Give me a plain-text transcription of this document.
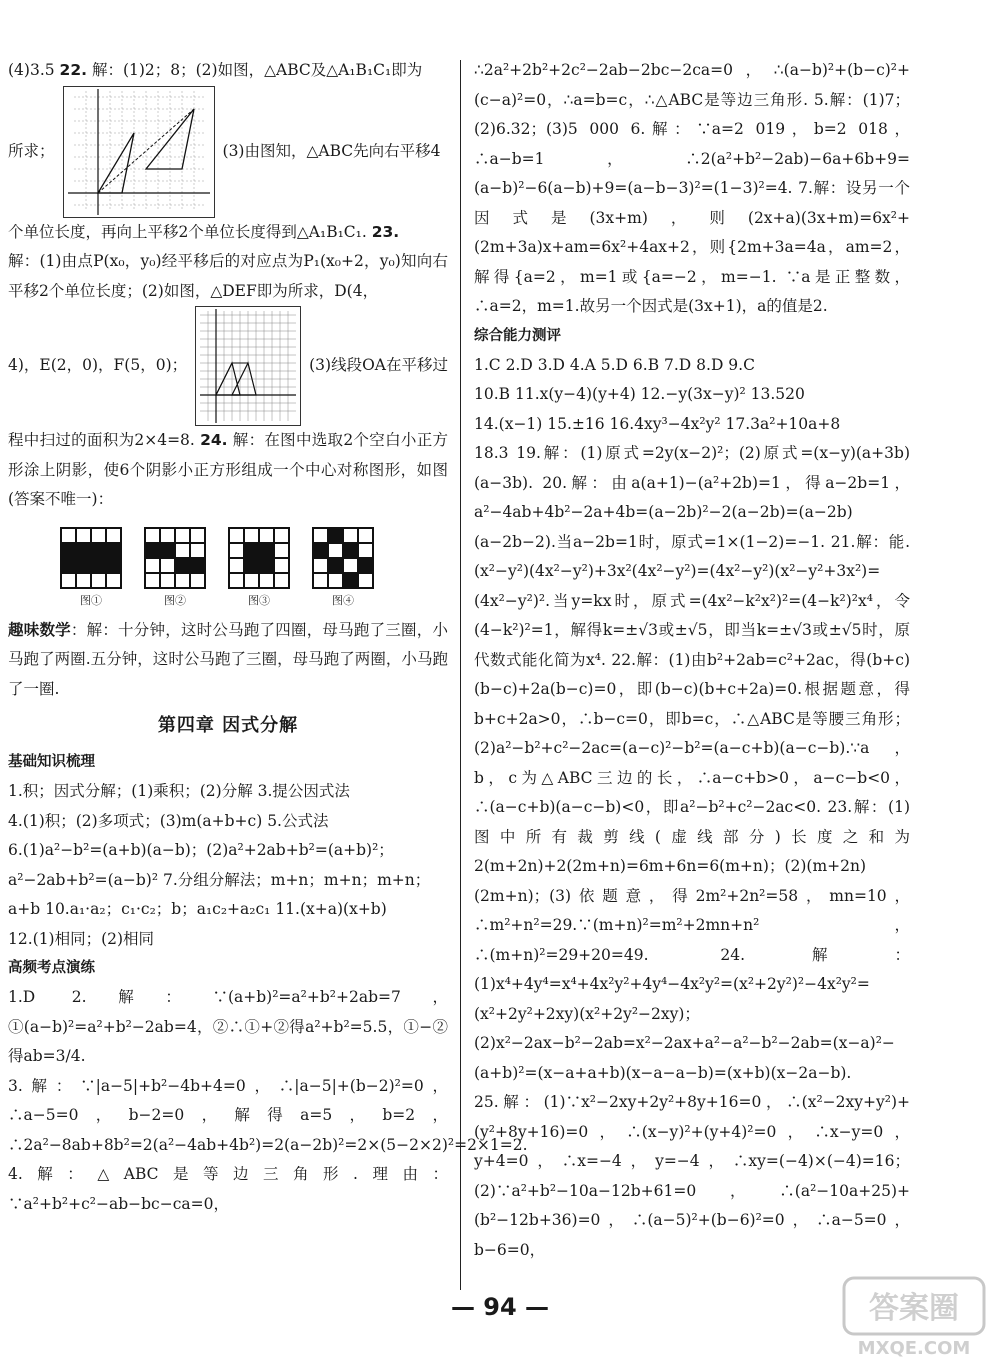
(4)3.5 22. 解：(1)2；8；(2)如图，△ABC及△A₁B₁C₁即为

所求；	(3)由图知，△ABC先向右平移4

个单位长度，再向上平移2个单位长度得到△A₁B₁C₁. 23.

解：(1)由点P(x₀，y₀)经平移后的对应点为P₁(x₀+2，y₀)知向右平移2个单位长度；(2)如图，△DEF即为所求，D(4，

4)，E(2，0)，F(5，0)；	(3)线段OA在平移过

程中扫过的面积为2×4=8. 24. 解：在图中选取2个空白小正方形涂上阴影，使6个阴影小正方形组成一个中心对称图形，如图(答案不唯一)：

图①	图②	图③	图④

趣味数学：解：十分钟，这时公马跑了四圈，母马跑了三圈，小马跑了两圈.五分钟，这时公马跑了三圈，母马跑了两圈，小马跑了一圈.

第四章 因式分解
基础知识梳理

1.积；因式分解；(1)乘积；(2)分解 3.提公因式法

4.(1)积；(2)多项式；(3)m(a+b+c) 5.公式法

6.(1)a²−b²=(a+b)(a−b)；(2)a²+2ab+b²=(a+b)²；

a²−2ab+b²=(a−b)² 7.分组分解法；m+n；m+n；m+n；

a+b 10.a₁·a₂；c₁·c₂；b；a₁c₂+a₂c₁ 11.(x+a)(x+b)

12.(1)相同；(2)相同

高频考点演练

1.D 2.解：∵(a+b)²=a²+b²+2ab=7，①(a−b)²=a²+b²−2ab=4，②∴①+②得a²+b²=5.5，①−②得ab=3/4.

3.解：∵|a−5|+b²−4b+4=0，∴|a−5|+(b−2)²=0，∴a−5=0，b−2=0，解得a=5，b=2，∴2a²−8ab+8b²=2(a²−4ab+4b²)=2(a−2b)²=2×(5−2×2)²=2×1=2. 4.解：△ABC是等边三角形.理由：∵a²+b²+c²−ab−bc−ca=0，

∴2a²+2b²+2c²−2ab−2bc−2ca=0，∴(a−b)²+(b−c)²+(c−a)²=0，∴a=b=c，∴△ABC是等边三角形. 5.解：(1)7；(2)6.32；(3)5 000 6.解：∵a=2 019，b=2 018，∴a−b=1，∴2(a²+b²−2ab)−6a+6b+9=(a−b)²−6(a−b)+9=(a−b−3)²=(1−3)²=4. 7.解：设另一个因式是(3x+m)，则(2x+a)(3x+m)=6x²+(2m+3a)x+am=6x²+4ax+2，则{2m+3a=4a，am=2，解得{a=2，m=1或{a=−2，m=−1. ∵a是正整数，∴a=2，m=1.故另一个因式是(3x+1)，a的值是2.

综合能力测评

1.C 2.D 3.D 4.A 5.D 6.B 7.D 8.D 9.C

10.B 11.x(y−4)(y+4) 12.−y(3x−y)² 13.520

14.(x−1) 15.±16 16.4xy³−4x²y² 17.3a²+10a+8

18.3 19.解：(1)原式=2y(x−2)²；(2)原式=(x−y)(a+3b)(a−3b). 20.解：由a(a+1)−(a²+2b)=1，得a−2b=1，a²−4ab+4b²−2a+4b=(a−2b)²−2(a−2b)=(a−2b)(a−2b−2).当a−2b=1时，原式=1×(1−2)=−1. 21.解：能.(x²−y²)(4x²−y²)+3x²(4x²−y²)=(4x²−y²)(x²−y²+3x²)=(4x²−y²)².当y=kx时，原式=(4x²−k²x²)²=(4−k²)²x⁴，令(4−k²)²=1，解得k=±√3或±√5，即当k=±√3或±√5时，原代数式能化简为x⁴. 22.解：(1)由b²+2ab=c²+2ac，得(b+c)(b−c)+2a(b−c)=0，即(b−c)(b+c+2a)=0.根据题意，得b+c+2a>0，∴b−c=0，即b=c，∴△ABC是等腰三角形；(2)a²−b²+c²−2ac=(a−c)²−b²=(a−c+b)(a−c−b).∵a，b，c为△ABC三边的长，∴a−c+b>0，a−c−b<0，∴(a−c+b)(a−c−b)<0，即a²−b²+c²−2ac<0. 23.解：(1)图中所有裁剪线(虚线部分)长度之和为2(m+2n)+2(2m+n)=6m+6n=6(m+n)；(2)(m+2n)(2m+n)；(3)依题意，得2m²+2n²=58，mn=10，∴m²+n²=29.∵(m+n)²=m²+2mn+n²，∴(m+n)²=29+20=49. 24.解：(1)x⁴+4y⁴=x⁴+4x²y²+4y⁴−4x²y²=(x²+2y²)²−4x²y²=(x²+2y²+2xy)(x²+2y²−2xy)；(2)x²−2ax−b²−2ab=x²−2ax+a²−a²−b²−2ab=(x−a)²−(a+b)²=(x−a+a+b)(x−a−a−b)=(x+b)(x−2a−b).

25.解：(1)∵x²−2xy+2y²+8y+16=0，∴(x²−2xy+y²)+(y²+8y+16)=0，∴(x−y)²+(y+4)²=0，∴x−y=0，y+4=0，∴x=−4，y=−4，∴xy=(−4)×(−4)=16；(2)∵a²+b²−10a−12b+61=0，∴(a²−10a+25)+(b²−12b+36)=0，∴(a−5)²+(b−6)²=0，∴a−5=0，b−6=0，

— 94 —	答案圈
MXQE.COM
